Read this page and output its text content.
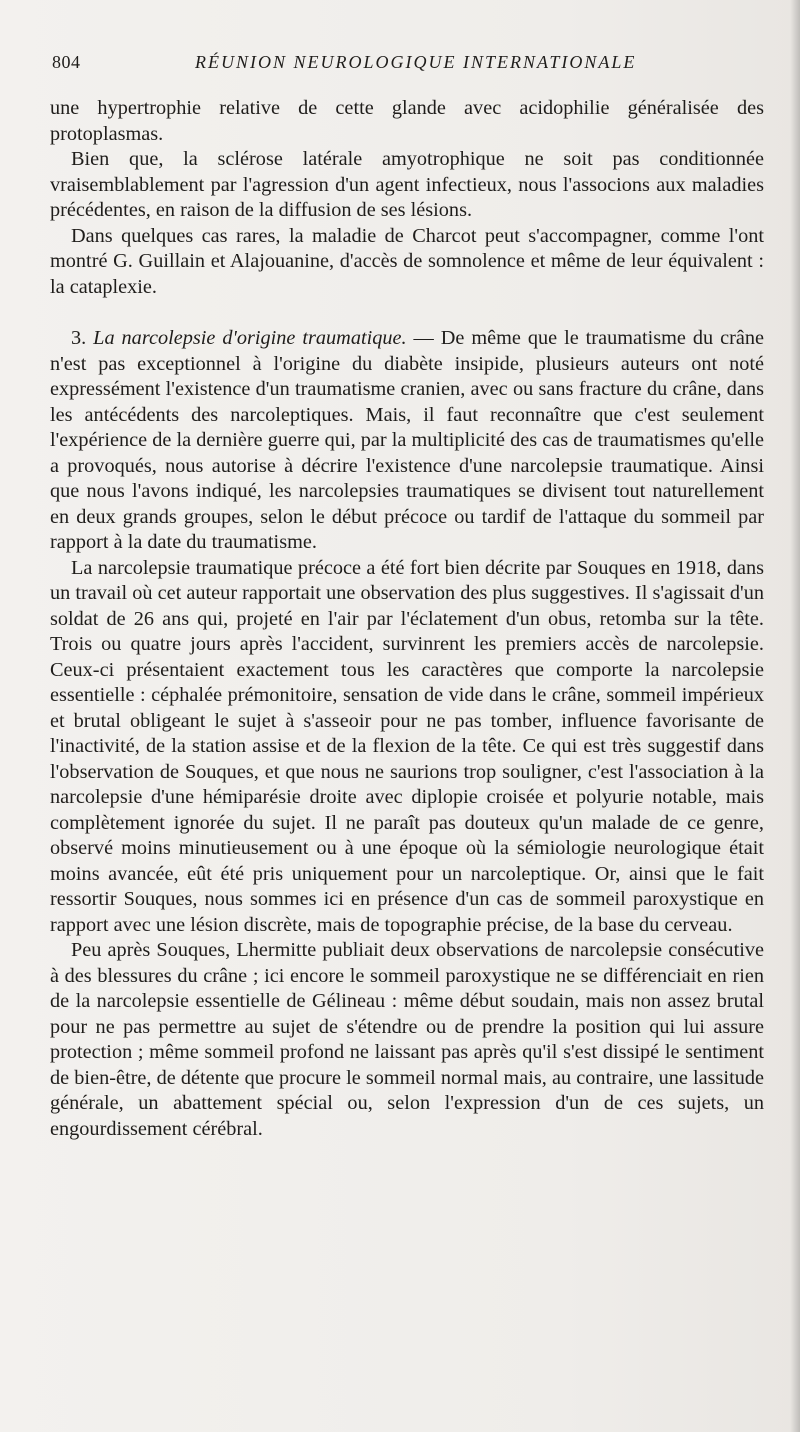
804	RÉUNION NEUROLOGIQUE INTERNATIONALE

une hypertrophie relative de cette glande avec acidophilie généralisée des protoplasmas.

Bien que, la sclérose latérale amyotrophique ne soit pas conditionnée vraisemblablement par l'agression d'un agent infectieux, nous l'associons aux maladies précédentes, en raison de la diffusion de ses lésions.

Dans quelques cas rares, la maladie de Charcot peut s'accompagner, comme l'ont montré G. Guillain et Alajouanine, d'accès de somnolence et même de leur équivalent : la cataplexie.

3. La narcolepsie d'origine traumatique. — De même que le traumatisme du crâne n'est pas exceptionnel à l'origine du diabète insipide, plusieurs auteurs ont noté expressément l'existence d'un traumatisme cranien, avec ou sans fracture du crâne, dans les antécédents des narcoleptiques. Mais, il faut reconnaître que c'est seulement l'expérience de la dernière guerre qui, par la multiplicité des cas de traumatismes qu'elle a provoqués, nous autorise à décrire l'existence d'une narcolepsie traumatique. Ainsi que nous l'avons indiqué, les narcolepsies traumatiques se divisent tout naturellement en deux grands groupes, selon le début précoce ou tardif de l'attaque du sommeil par rapport à la date du traumatisme.

La narcolepsie traumatique précoce a été fort bien décrite par Souques en 1918, dans un travail où cet auteur rapportait une observation des plus suggestives. Il s'agissait d'un soldat de 26 ans qui, projeté en l'air par l'éclatement d'un obus, retomba sur la tête. Trois ou quatre jours après l'accident, survinrent les premiers accès de narcolepsie. Ceux-ci présentaient exactement tous les caractères que comporte la narcolepsie essentielle : céphalée prémonitoire, sensation de vide dans le crâne, sommeil impérieux et brutal obligeant le sujet à s'asseoir pour ne pas tomber, influence favorisante de l'inactivité, de la station assise et de la flexion de la tête. Ce qui est très suggestif dans l'observation de Souques, et que nous ne saurions trop souligner, c'est l'association à la narcolepsie d'une hémiparésie droite avec diplopie croisée et polyurie notable, mais complètement ignorée du sujet. Il ne paraît pas douteux qu'un malade de ce genre, observé moins minutieusement ou à une époque où la sémiologie neurologique était moins avancée, eût été pris uniquement pour un narcoleptique. Or, ainsi que le fait ressortir Souques, nous sommes ici en présence d'un cas de sommeil paroxystique en rapport avec une lésion discrète, mais de topographie précise, de la base du cerveau.

Peu après Souques, Lhermitte publiait deux observations de narcolepsie consécutive à des blessures du crâne ; ici encore le sommeil paroxystique ne se différenciait en rien de la narcolepsie essentielle de Gélineau : même début soudain, mais non assez brutal pour ne pas permettre au sujet de s'étendre ou de prendre la position qui lui assure protection ; même sommeil profond ne laissant pas après qu'il s'est dissipé le sentiment de bien-être, de détente que procure le sommeil normal mais, au contraire, une lassitude générale, un abattement spécial ou, selon l'expression d'un de ces sujets, un engourdissement cérébral.
